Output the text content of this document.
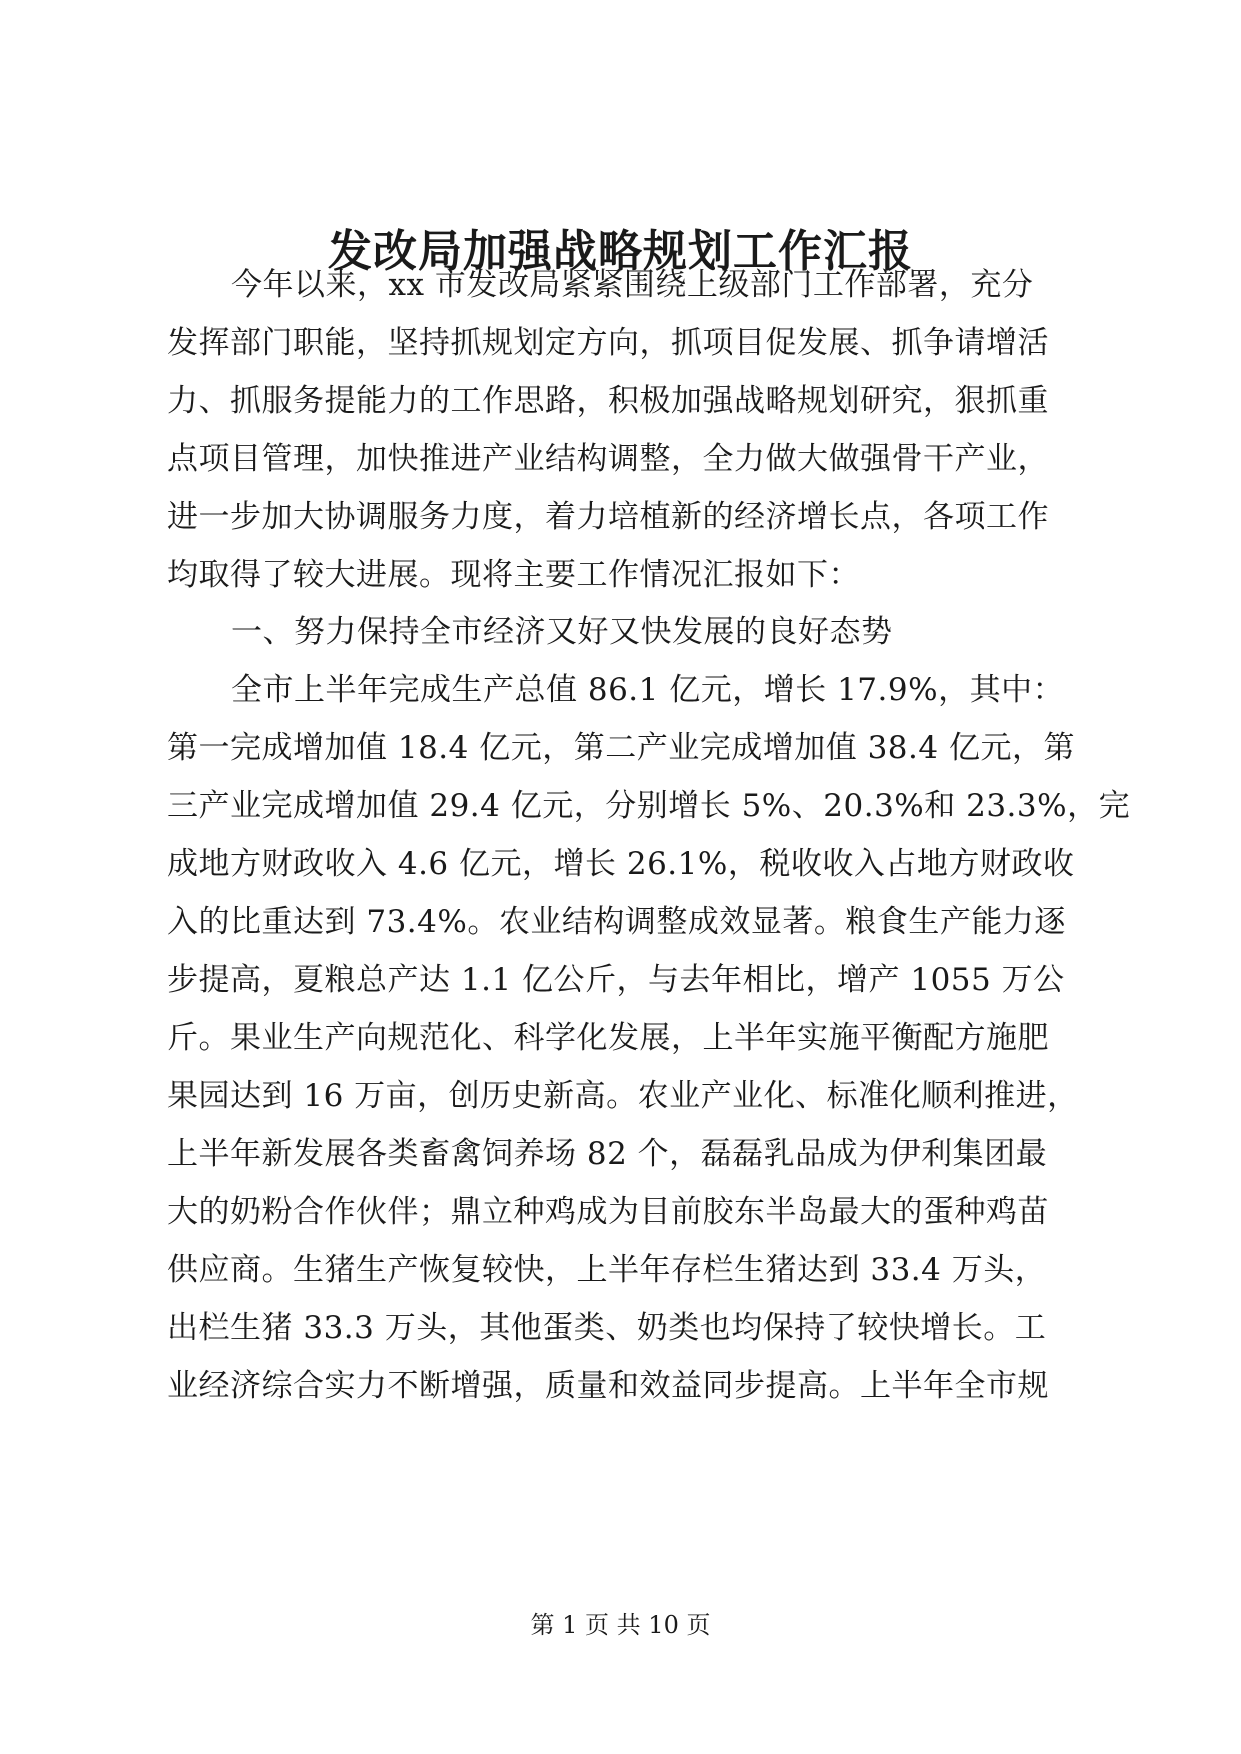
发改局加强战略规划工作汇报
今年以来，xx 市发改局紧紧围绕上级部门工作部署，充分
发挥部门职能，坚持抓规划定方向，抓项目促发展、抓争请增活
力、抓服务提能力的工作思路，积极加强战略规划研究，狠抓重
点项目管理，加快推进产业结构调整，全力做大做强骨干产业，
进一步加大协调服务力度，着力培植新的经济增长点，各项工作
均取得了较大进展。现将主要工作情况汇报如下：
一、努力保持全市经济又好又快发展的良好态势
全市上半年完成生产总值 86.1 亿元，增长 17.9%，其中：
第一完成增加值 18.4 亿元，第二产业完成增加值 38.4 亿元，第
三产业完成增加值 29.4 亿元，分别增长 5%、20.3%和 23.3%，完
成地方财政收入 4.6 亿元，增长 26.1%，税收收入占地方财政收
入的比重达到 73.4%。农业结构调整成效显著。粮食生产能力逐
步提高，夏粮总产达 1.1 亿公斤，与去年相比，增产 1055 万公
斤。果业生产向规范化、科学化发展，上半年实施平衡配方施肥
果园达到 16 万亩，创历史新高。农业产业化、标准化顺利推进，
上半年新发展各类畜禽饲养场 82 个，磊磊乳品成为伊利集团最
大的奶粉合作伙伴；鼎立种鸡成为目前胶东半岛最大的蛋种鸡苗
供应商。生猪生产恢复较快，上半年存栏生猪达到 33.4 万头，
出栏生猪 33.3 万头，其他蛋类、奶类也均保持了较快增长。工
业经济综合实力不断增强，质量和效益同步提高。上半年全市规
第 1 页 共 10 页
